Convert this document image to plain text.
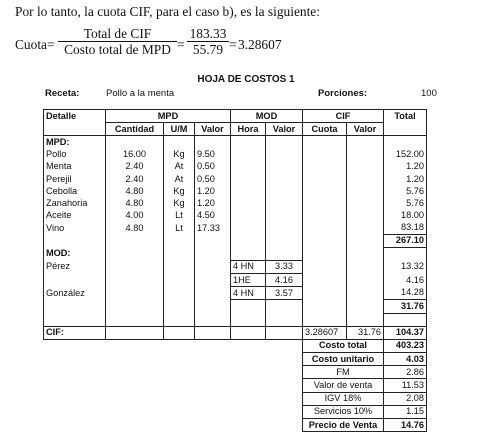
Por lo tanto, la cuota CIF, para el caso b), es la siguiente:
Cuota=
Total de CIF
Costo total de MPD = $\frac{183.33}{55.79} = 3.28607$
HOJA DE COSTOS 1
Receta:	Pollo a la menta	Porciones:	100
Detalle	MPD			MOD		CIF		Total
	Cantidad	U/M	Valor	Hora	Valor	Cuota	Valor	
MPD:								
Pollo	16.00	Kg	9.50					152.00
Menta	2.40	At	0.50					1.20
Perejil	2.40	At	0.50					1.20
Cebolla	4.80	Kg	1.20					5.76
Zanahoria	4.80	Kg	1.20					5.76
Aceite	4.00	Lt	4.50					18.00
Vino	4.80	Lt	17.33					83.18
								267.10
MOD:								
Pérez				4 HN	3.33			13.32
				1HE	4.16			4.16
González				4 HN	3.57			14.28
								31.76

CIF:						3.28607	31.76	104.37
						Costo total		403.23
						Costo unitario		4.03
						FM		2.86
						Valor de venta		11.53
						IGV 18%		2.08
						Servicios 10%		1.15
						Precio de Venta		14.76
